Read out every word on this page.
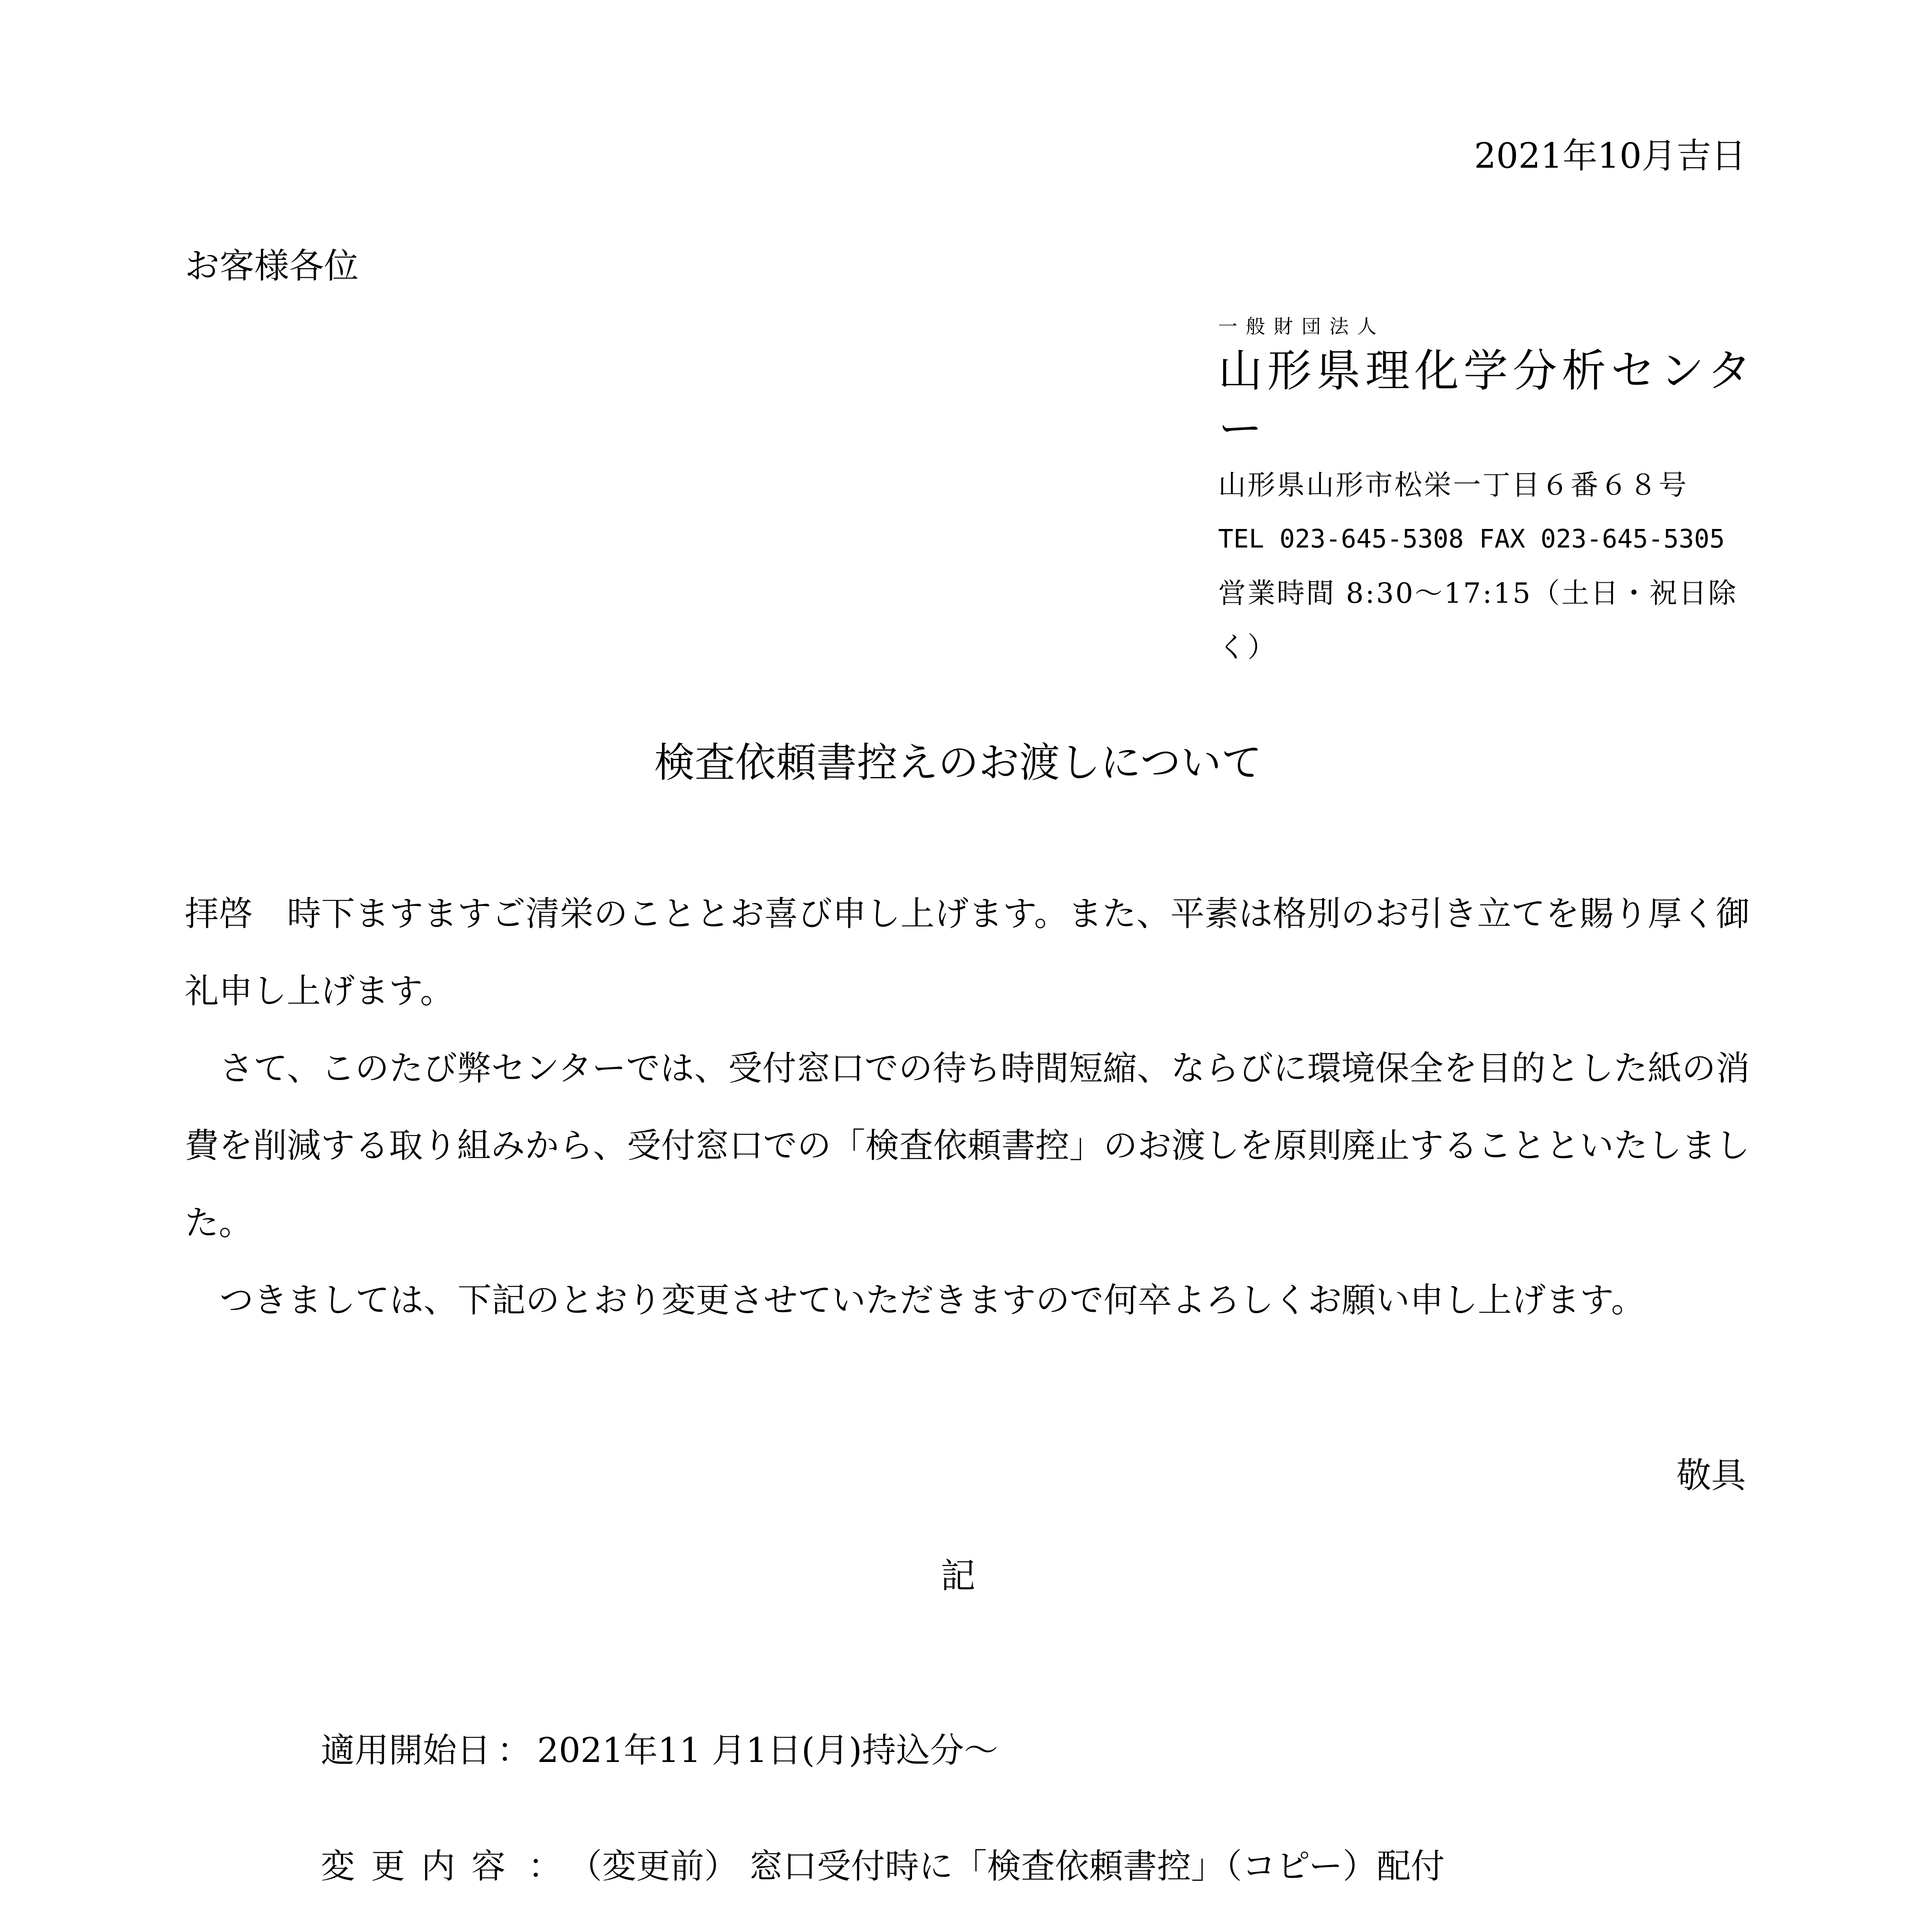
2021年10月吉日
お客様各位
一般財団法人
山形県理化学分析センター
山形県山形市松栄一丁目６番６８号
TEL 023-645-5308 FAX 023-645-5305
営業時間 8:30～17:15（土日・祝日除く）
検査依頼書控えのお渡しについて

拝啓　時下ますますご清栄のこととお喜び申し上げます。また、平素は格別のお引き立てを賜り厚く御礼申し上げます。

さて、このたび弊センターでは、受付窓口での待ち時間短縮、ならびに環境保全を目的とした紙の消費を削減する取り組みから、受付窓口での「検査依頼書控」のお渡しを原則廃止することといたしました。

つきましては、下記のとおり変更させていただきますので何卒よろしくお願い申し上げます。

敬具
記
適用開始日 ： 2021年11 月1日(月)持込分～
変更内容 ： （変更前） 窓口受付時に「検査依頼書控」（コピー）配付
